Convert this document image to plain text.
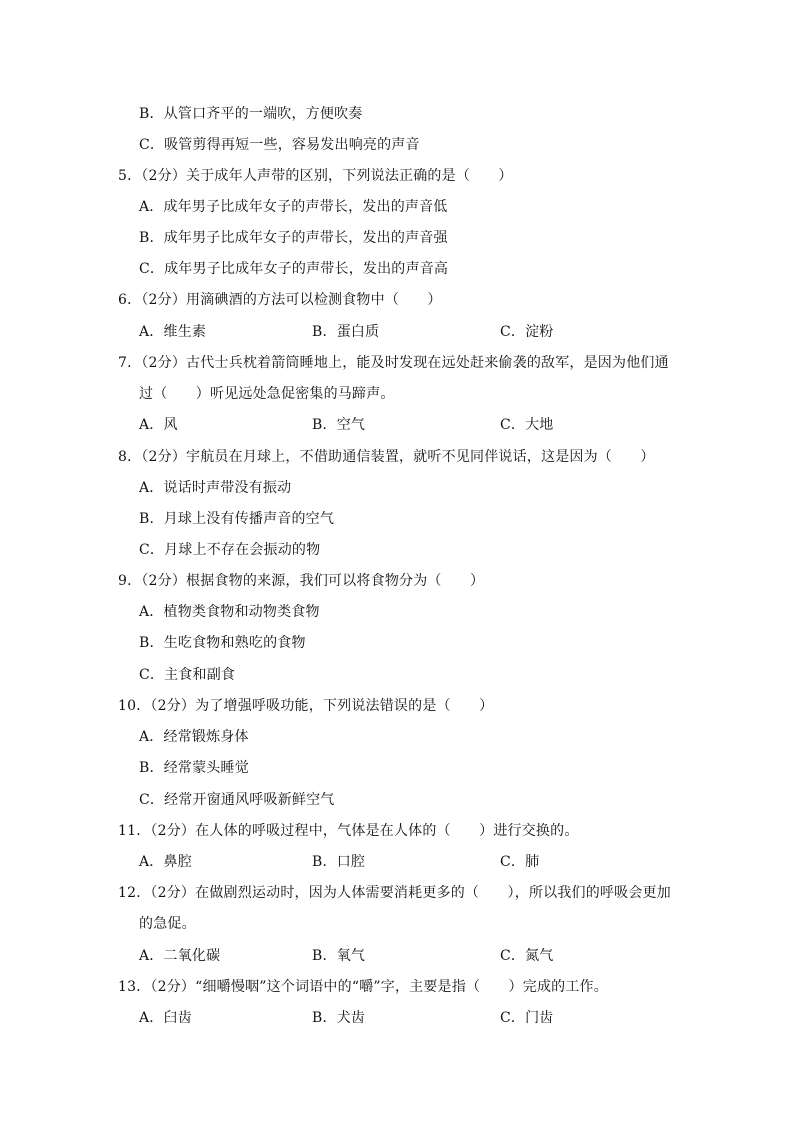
B．从管口齐平的一端吹，方便吹奏
C．吸管剪得再短一些，容易发出响亮的声音
5．（2分）关于成年人声带的区别，下列说法正确的是（　　）
A．成年男子比成年女子的声带长，发出的声音低
B．成年男子比成年女子的声带长，发出的声音强
C．成年男子比成年女子的声带长，发出的声音高
6．（2分）用滴碘酒的方法可以检测食物中（　　）
A．维生素	B．蛋白质	C．淀粉
7．（2分）古代士兵枕着箭筒睡地上，能及时发现在远处赶来偷袭的敌军，是因为他们通
过（　　）听见远处急促密集的马蹄声。
A．风	B．空气	C．大地
8．（2分）宇航员在月球上，不借助通信装置，就听不见同伴说话，这是因为（　　）
A．说话时声带没有振动
B．月球上没有传播声音的空气
C．月球上不存在会振动的物
9．（2分）根据食物的来源，我们可以将食物分为（　　）
A．植物类食物和动物类食物
B．生吃食物和熟吃的食物
C．主食和副食
10．（2分）为了增强呼吸功能，下列说法错误的是（　　）
A．经常锻炼身体
B．经常蒙头睡觉
C．经常开窗通风呼吸新鲜空气
11．（2分）在人体的呼吸过程中，气体是在人体的（　　）进行交换的。
A．鼻腔	B．口腔	C．肺
12．（2分）在做剧烈运动时，因为人体需要消耗更多的（　　），所以我们的呼吸会更加
的急促。
A．二氧化碳	B．氧气	C．氮气
13．（2分）“细嚼慢咽”这个词语中的“嚼”字，主要是指（　　）完成的工作。
A．臼齿	B．犬齿	C．门齿
